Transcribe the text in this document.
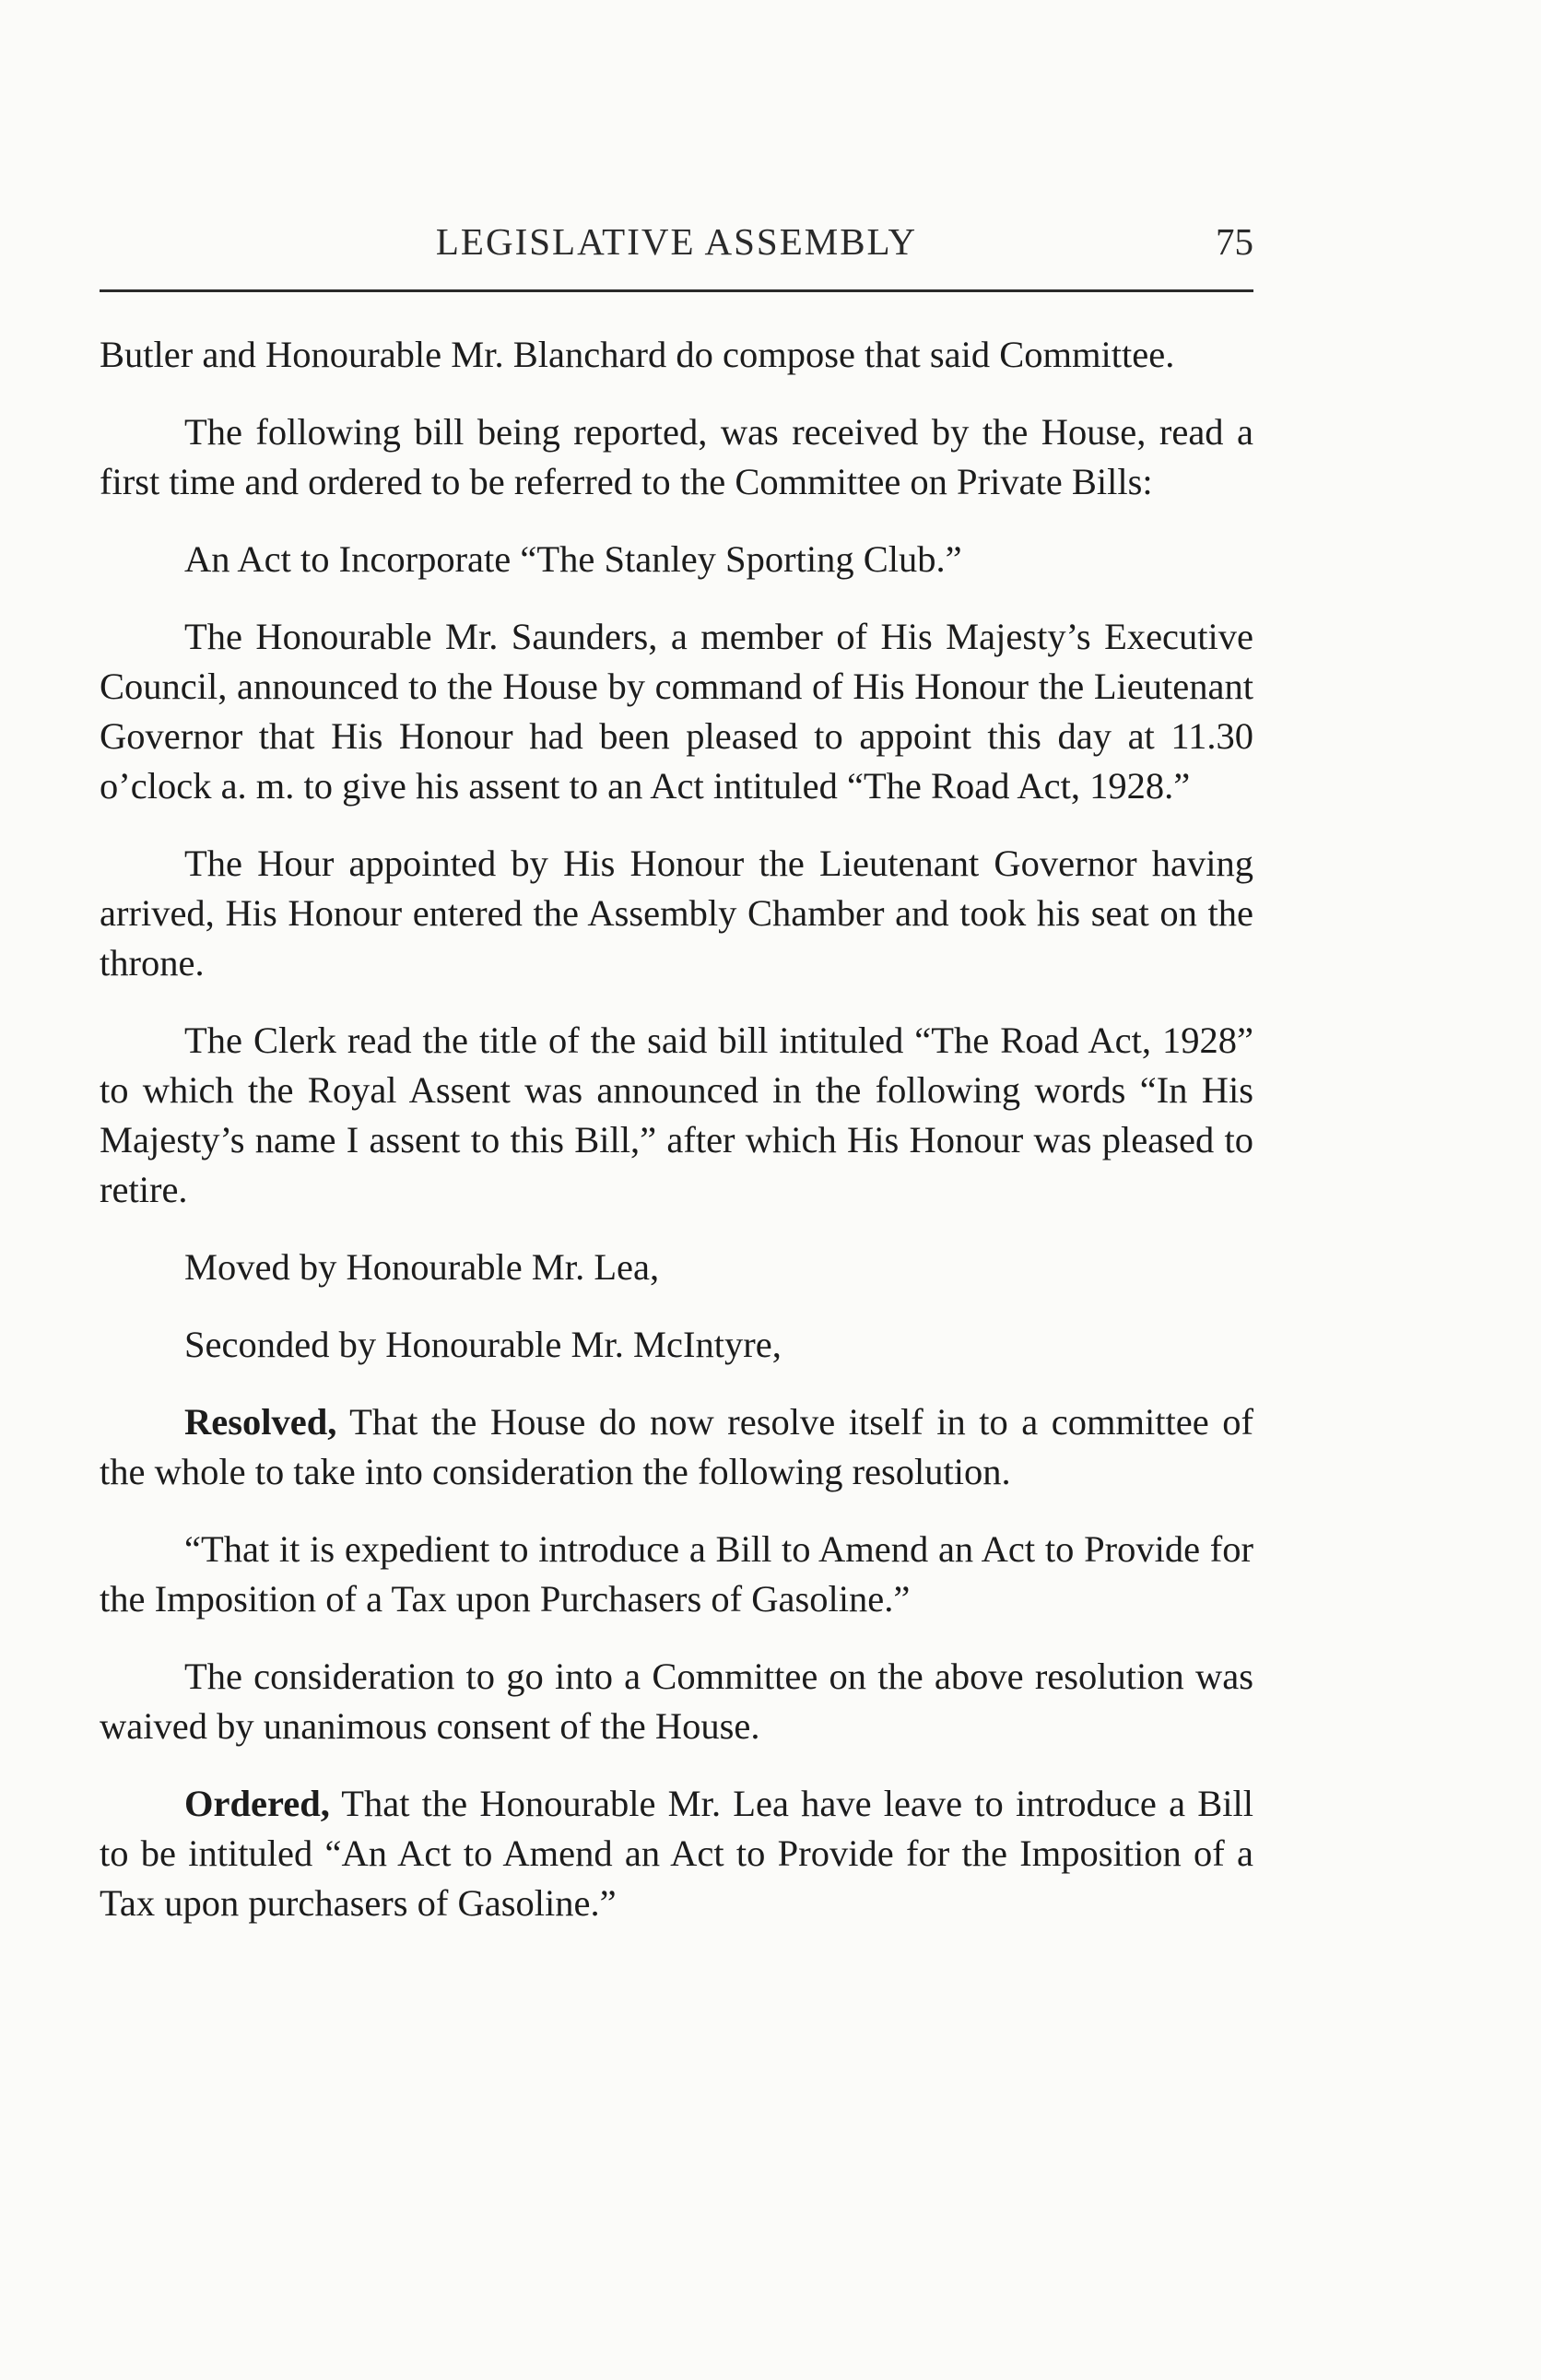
LEGISLATIVE ASSEMBLY	75

Butler and Honourable Mr. Blanchard do compose that said Committee.

The following bill being reported, was received by the House, read a first time and ordered to be referred to the Committee on Private Bills:

An Act to Incorporate “The Stanley Sporting Club.”

The Honourable Mr. Saunders, a member of His Majesty’s Executive Council, announced to the House by command of His Honour the Lieutenant Governor that His Honour had been pleased to appoint this day at 11.30 o’clock a. m. to give his assent to an Act intituled “The Road Act, 1928.”

The Hour appointed by His Honour the Lieutenant Governor having arrived, His Honour entered the Assembly Chamber and took his seat on the throne.

The Clerk read the title of the said bill intituled “The Road Act, 1928” to which the Royal Assent was announced in the following words “In His Majesty’s name I assent to this Bill,” after which His Honour was pleased to retire.

Moved by Honourable Mr. Lea,

Seconded by Honourable Mr. McIntyre,

Resolved, That the House do now resolve itself in to a committee of the whole to take into consideration the following resolution.

“That it is expedient to introduce a Bill to Amend an Act to Provide for the Imposition of a Tax upon Purchasers of Gasoline.”

The consideration to go into a Committee on the above resolution was waived by unanimous consent of the House.

Ordered, That the Honourable Mr. Lea have leave to introduce a Bill to be intituled “An Act to Amend an Act to Provide for the Imposition of a Tax upon purchasers of Gasoline.”
